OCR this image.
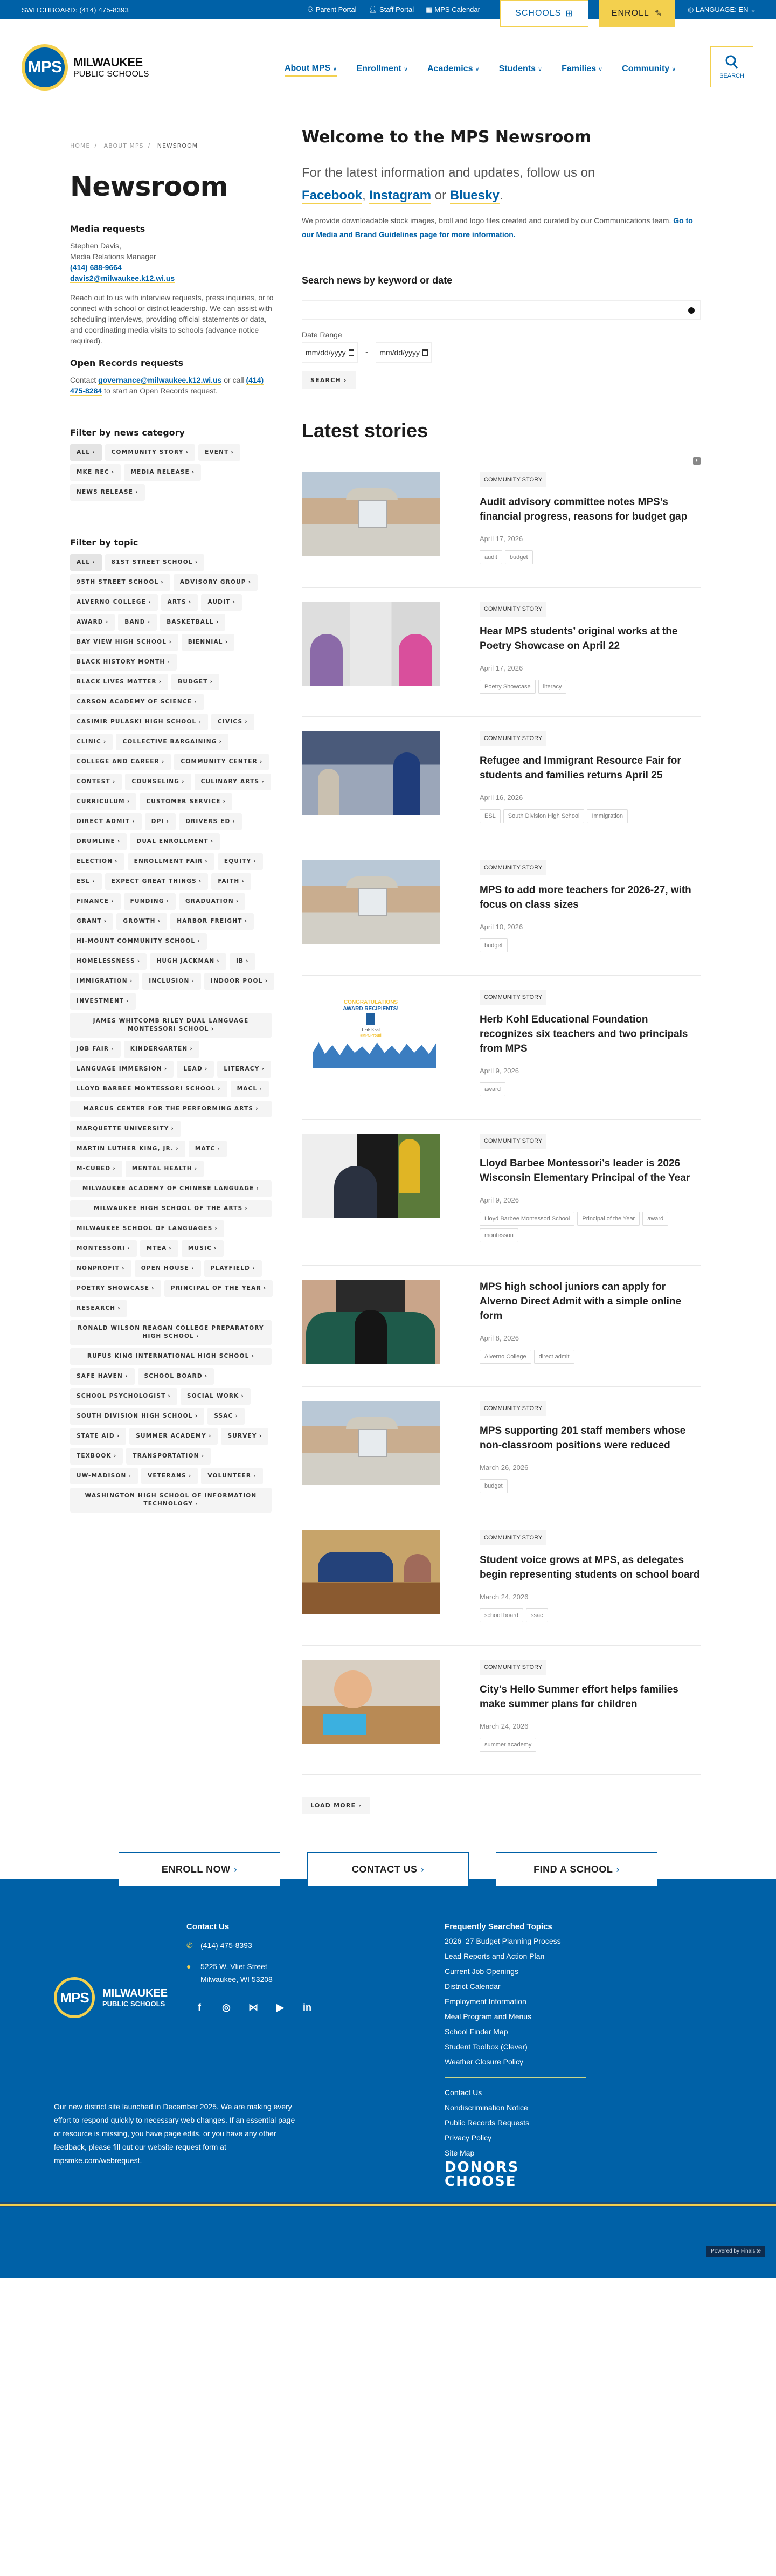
SWITCHBOARD: (414) 475-8393	⚇ Parent Portal 👤︎ Staff Portal ▦ MPS Calendar	SCHOOLS ⊞	ENROLL ✎	◍ LANGUAGE: EN ⌄
MPS	MILWAUKEE
PUBLIC SCHOOLS
About MPS ∨ Enrollment ∨ Academics ∨ Students ∨ Families ∨ Community ∨
SEARCH
HOME / ABOUT MPS / NEWSROOM
Newsroom
Media requests

Stephen Davis,
Media Relations Manager
(414) 688-9664
davis2@milwaukee.k12.wi.us

Reach out to us with interview requests, press inquiries, or to connect with school or district leadership. We can assist with scheduling interviews, providing official statements or data, and coordinating media visits to schools (advance notice required).

Open Records requests

Contact governance@milwaukee.k12.wi.us or call (414) 475-8284 to start an Open Records request.

Filter by news category
ALL ›	COMMUNITY STORY ›	EVENT ›
MKE REC ›	MEDIA RELEASE ›
NEWS RELEASE ›
Filter by topic
ALL ›	81ST STREET SCHOOL ›
95TH STREET SCHOOL ›	ADVISORY GROUP ›
ALVERNO COLLEGE ›	ARTS ›	AUDIT ›
AWARD ›	BAND ›	BASKETBALL ›
BAY VIEW HIGH SCHOOL ›	BIENNIAL ›
BLACK HISTORY MONTH ›
BLACK LIVES MATTER ›	BUDGET ›
CARSON ACADEMY OF SCIENCE ›
CASIMIR PULASKI HIGH SCHOOL ›	CIVICS ›
CLINIC ›	COLLECTIVE BARGAINING ›
COLLEGE AND CAREER ›	COMMUNITY CENTER ›
CONTEST ›	COUNSELING ›	CULINARY ARTS ›
CURRICULUM ›	CUSTOMER SERVICE ›
DIRECT ADMIT ›	DPI ›	DRIVERS ED ›
DRUMLINE ›	DUAL ENROLLMENT ›
ELECTION ›	ENROLLMENT FAIR ›	EQUITY ›
ESL ›	EXPECT GREAT THINGS ›	FAITH ›
FINANCE ›	FUNDING ›	GRADUATION ›
GRANT ›	GROWTH ›	HARBOR FREIGHT ›
HI-MOUNT COMMUNITY SCHOOL ›
HOMELESSNESS ›	HUGH JACKMAN ›	IB ›
IMMIGRATION ›	INCLUSION ›	INDOOR POOL ›
INVESTMENT ›
JAMES WHITCOMB RILEY DUAL LANGUAGE MONTESSORI SCHOOL ›
JOB FAIR ›	KINDERGARTEN ›
LANGUAGE IMMERSION ›	LEAD ›	LITERACY ›
LLOYD BARBEE MONTESSORI SCHOOL ›	MACL ›
MARCUS CENTER FOR THE PERFORMING ARTS ›
MARQUETTE UNIVERSITY ›
MARTIN LUTHER KING, JR. ›	MATC ›
M-CUBED ›	MENTAL HEALTH ›
MILWAUKEE ACADEMY OF CHINESE LANGUAGE ›
MILWAUKEE HIGH SCHOOL OF THE ARTS ›
MILWAUKEE SCHOOL OF LANGUAGES ›
MONTESSORI ›	MTEA ›	MUSIC ›
NONPROFIT ›	OPEN HOUSE ›	PLAYFIELD ›
POETRY SHOWCASE ›	PRINCIPAL OF THE YEAR ›
RESEARCH ›
RONALD WILSON REAGAN COLLEGE PREPARATORY HIGH SCHOOL ›
RUFUS KING INTERNATIONAL HIGH SCHOOL ›
SAFE HAVEN ›	SCHOOL BOARD ›
SCHOOL PSYCHOLOGIST ›	SOCIAL WORK ›
SOUTH DIVISION HIGH SCHOOL ›	SSAC ›
STATE AID ›	SUMMER ACADEMY ›	SURVEY ›
TEXBOOK ›	TRANSPORTATION ›
UW-MADISON ›	VETERANS ›	VOLUNTEER ›
WASHINGTON HIGH SCHOOL OF INFORMATION TECHNOLOGY ›
Welcome to the MPS Newsroom

For the latest information and updates, follow us on
Facebook, Instagram or Bluesky.

We provide downloadable stock images, broll and logo files created and curated by our Communications team. Go to our Media and Brand Guidelines page for more information.

Search news by keyword or date
Date Range
mm/dd/yyyy - mm/dd/yyyy
SEARCH ›
Latest stories
◗
COMMUNITY STORY
Audit advisory committee notes MPS’s financial progress, reasons for budget gap
April 17, 2026
audit	budget
COMMUNITY STORY
Hear MPS students’ original works at the Poetry Showcase on April 22
April 17, 2026
Poetry Showcase	literacy
COMMUNITY STORY
Refugee and Immigrant Resource Fair for students and families returns April 25
April 16, 2026
ESL	South Division High School	Immigration
COMMUNITY STORY
MPS to add more teachers for 2026-27, with focus on class sizes
April 10, 2026
budget
CONGRATULATIONS
AWARD RECIPIENTS!
Herb Kohl
#MPSProud
COMMUNITY STORY
Herb Kohl Educational Foundation recognizes six teachers and two principals from MPS
April 9, 2026
award
COMMUNITY STORY
Lloyd Barbee Montessori’s leader is 2026 Wisconsin Elementary Principal of the Year
April 9, 2026
Lloyd Barbee Montessori School	Principal of the Year	award
montessori
MPS high school juniors can apply for Alverno Direct Admit with a simple online form
April 8, 2026
Alverno College	direct admit
COMMUNITY STORY
MPS supporting 201 staff members whose non-classroom positions were reduced
March 26, 2026
budget
COMMUNITY STORY
Student voice grows at MPS, as delegates begin representing students on school board
March 24, 2026
school board	ssac
COMMUNITY STORY
City’s Hello Summer effort helps families make summer plans for children
March 24, 2026
summer academy
LOAD MORE ›
ENROLL NOW ›	CONTACT US ›	FIND A SCHOOL ›
MPS	MILWAUKEE
PUBLIC SCHOOLS
Contact Us
✆ (414) 475-8393
●	5225 W. Vliet Street
Milwaukee, WI 53208
f	◎ ⋈ ▶ in

Our new district site launched in December 2025. We are making every effort to respond quickly to necessary web changes. If an essential page or resource is missing, you have page edits, or you have any other feedback, please fill out our website request form at mpsmke.com/webrequest.

Frequently Searched Topics
2026–27 Budget Planning Process
Lead Reports and Action Plan
Current Job Openings
District Calendar
Employment Information
Meal Program and Menus
School Finder Map
Student Toolbox (Clever)
Weather Closure Policy
Contact Us
Nondiscrimination Notice
Public Records Requests
Privacy Policy
Site Map
DONORS
CHOOSE
Powered by Finalsite
